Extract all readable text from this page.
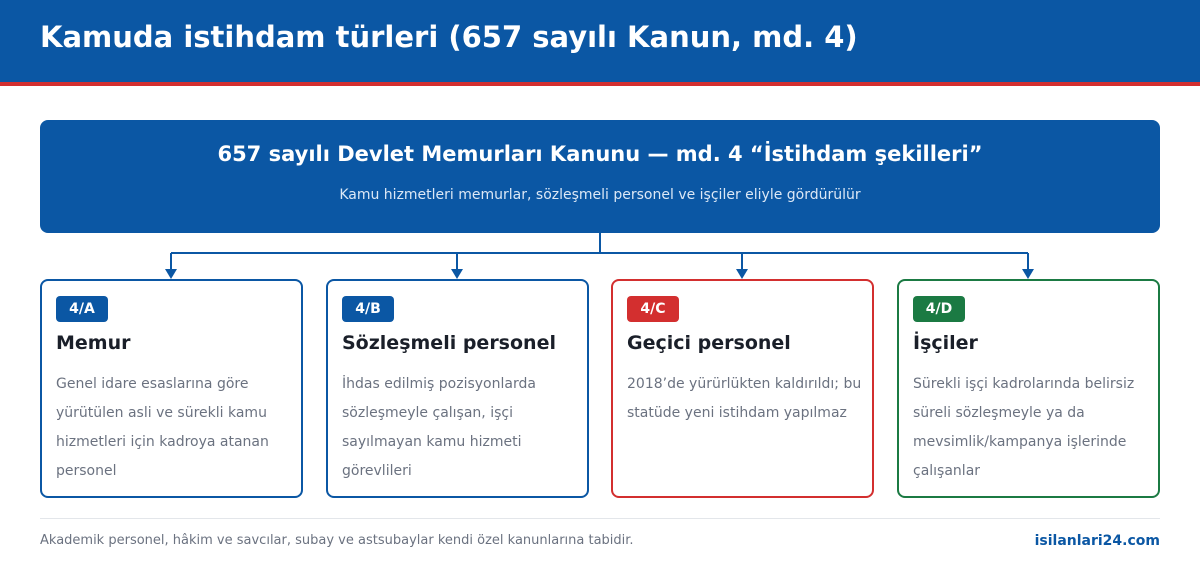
Kamuda istihdam türleri (657 sayılı Kanun, md. 4)
657 sayılı Devlet Memurları Kanunu — md. 4 “İstihdam şekilleri”
Kamu hizmetleri memurlar, sözleşmeli personel ve işçiler eliyle gördürülür
4/A
Memur
Genel idare esaslarına göre yürütülen asli ve sürekli kamu hizmetleri için kadroya atanan personel
4/B
Sözleşmeli personel
İhdas edilmiş pozisyonlarda sözleşmeyle çalışan, işçi sayılmayan kamu hizmeti görevlileri
4/C
Geçici personel
2018’de yürürlükten kaldırıldı; bu statüde yeni istihdam yapılmaz
4/D
İşçiler
Sürekli işçi kadrolarında belirsiz süreli sözleşmeyle ya da mevsimlik/kampanya işlerinde çalışanlar
Akademik personel, hâkim ve savcılar, subay ve astsubaylar kendi özel kanunlarına tabidir.	isilanlari24.com
